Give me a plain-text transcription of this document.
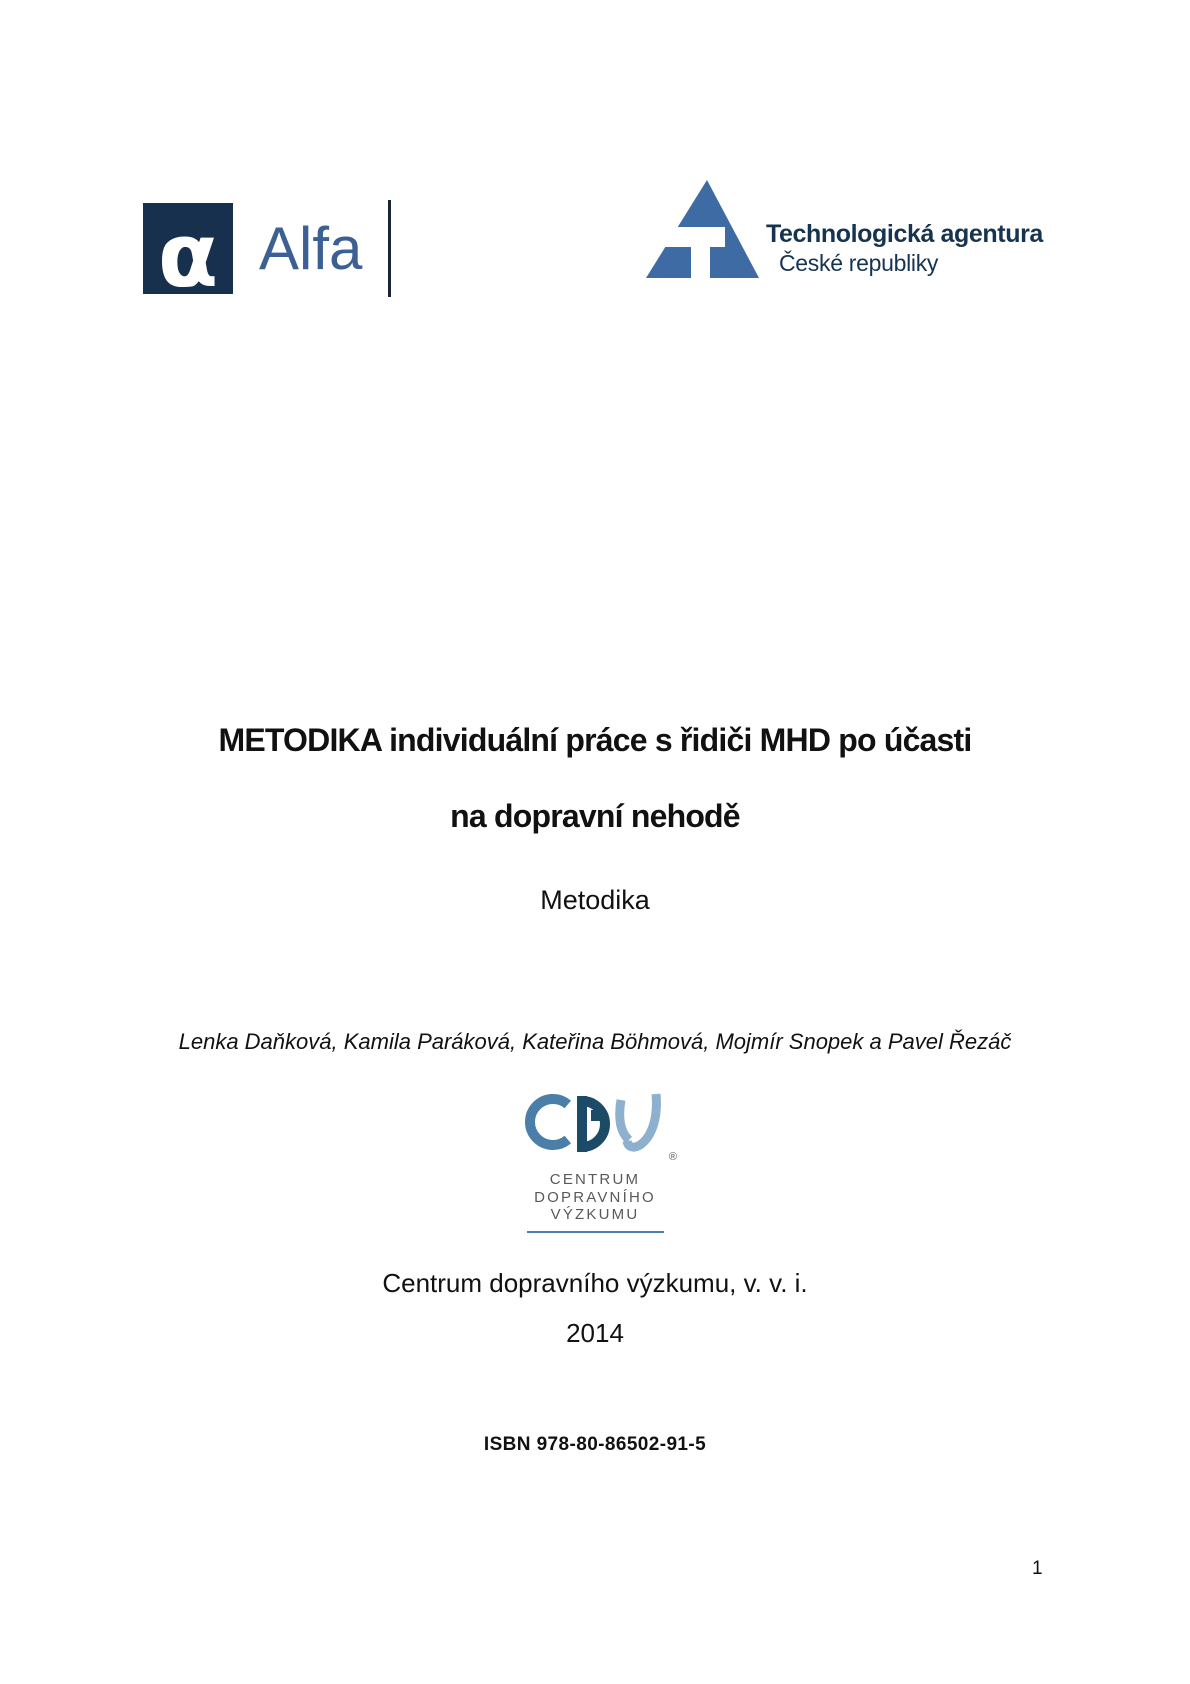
α Alfa	Technologická agentura
České republiky
METODIKA individuální práce s řidiči MHD po účasti
na dopravní nehodě
Metodika
Lenka Daňková, Kamila Paráková, Kateřina Böhmová, Mojmír Snopek a Pavel Řezáč
®
CENTRUM
DOPRAVNÍHO
VÝZKUMU
Centrum dopravního výzkumu, v. v. i.
2014
ISBN 978-80-86502-91-5
1
